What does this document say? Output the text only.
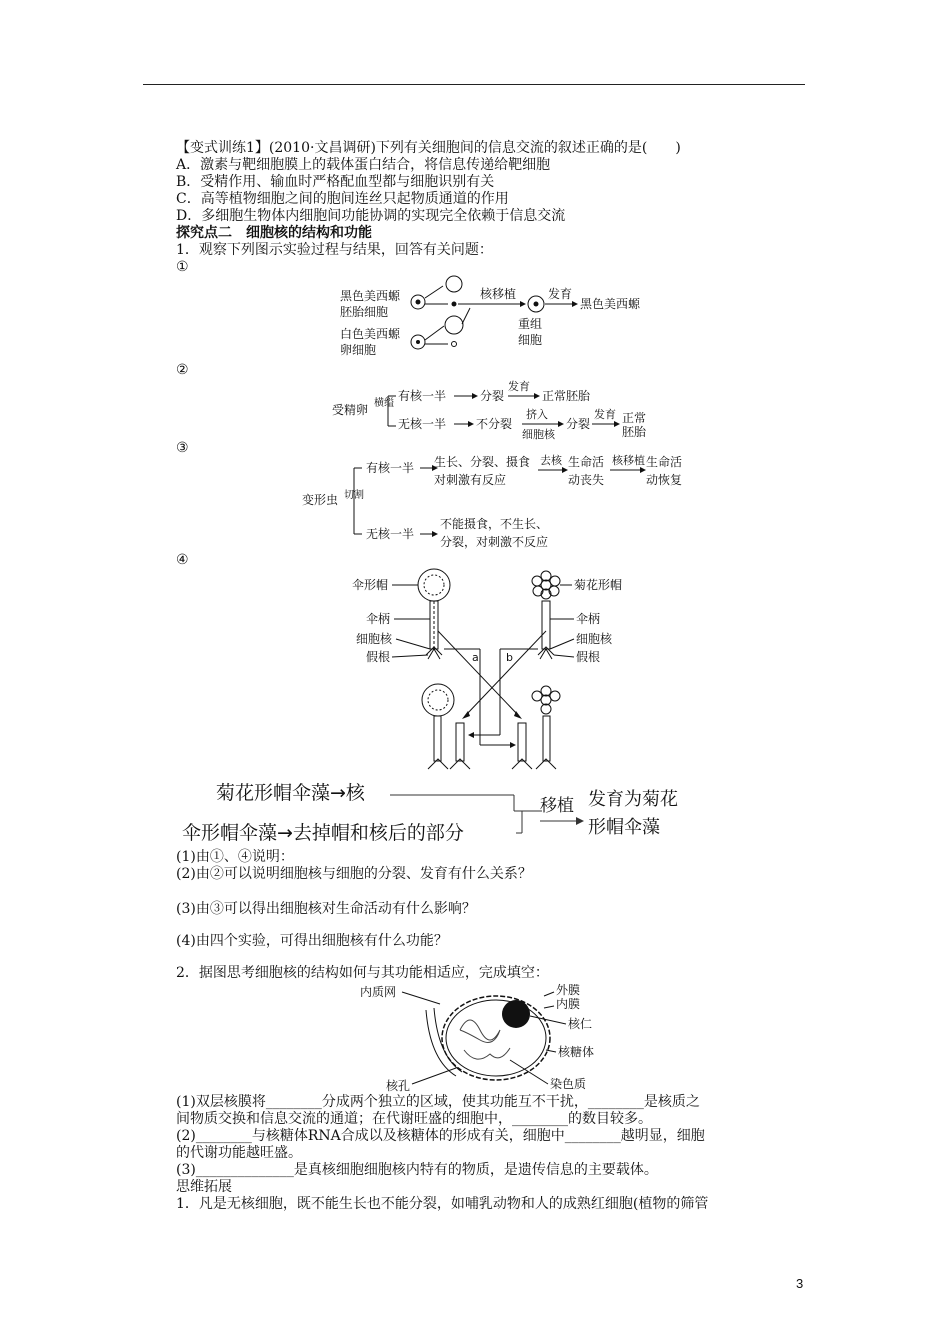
【变式训练1】(2010·文昌调研)下列有关细胞间的信息交流的叙述正确的是(　　)
A．激素与靶细胞膜上的载体蛋白结合，将信息传递给靶细胞
B．受精作用、输血时严格配血型都与细胞识别有关
C．高等植物细胞之间的胞间连丝只起物质通道的作用
D．多细胞生物体内细胞间功能协调的实现完全依赖于信息交流
探究点二　细胞核的结构和功能
1．观察下列图示实验过程与结果，回答有关问题：
①
黑色美西螈
胚胎细胞
白色美西螈
卵细胞
核移植	发育
黑色美西螈
重组
细胞
②
受精卵 横缢
有核一半	分裂
发育
正常胚胎
无核一半 不分裂
挤入
细胞核
分裂
发育 正常
胚胎
③
变形虫 切割
有核一半 生长、分裂、摄食
对刺激有反应
去核 生命活
动丧失
核移植 生命活
动恢复
无核一半
不能摄食，不生长、
分裂，对刺激不反应
④
伞形帽
伞柄
细胞核
假根
菊花形帽
伞柄
细胞核
假根
a b
菊花形帽伞藻→核
伞形帽伞藻→去掉帽和核后的部分
移植 发育为菊花
形帽伞藻
(1)由①、④说明：
(2)由②可以说明细胞核与细胞的分裂、发育有什么关系？
(3)由③可以得出细胞核对生命活动有什么影响？
(4)由四个实验，可得出细胞核有什么功能？
2．据图思考细胞核的结构如何与其功能相适应，完成填空：
内质网	外膜
内膜
核仁
核糖体
核孔	染色质
(1)双层核膜将________分成两个独立的区域，使其功能互不干扰，________是核质之
间物质交换和信息交流的通道；在代谢旺盛的细胞中，________的数目较多。
(2)________与核糖体RNA合成以及核糖体的形成有关，细胞中________越明显，细胞
的代谢功能越旺盛。
(3)______________是真核细胞细胞核内特有的物质，是遗传信息的主要载体。
思维拓展
1．凡是无核细胞，既不能生长也不能分裂，如哺乳动物和人的成熟红细胞(植物的筛管
3
